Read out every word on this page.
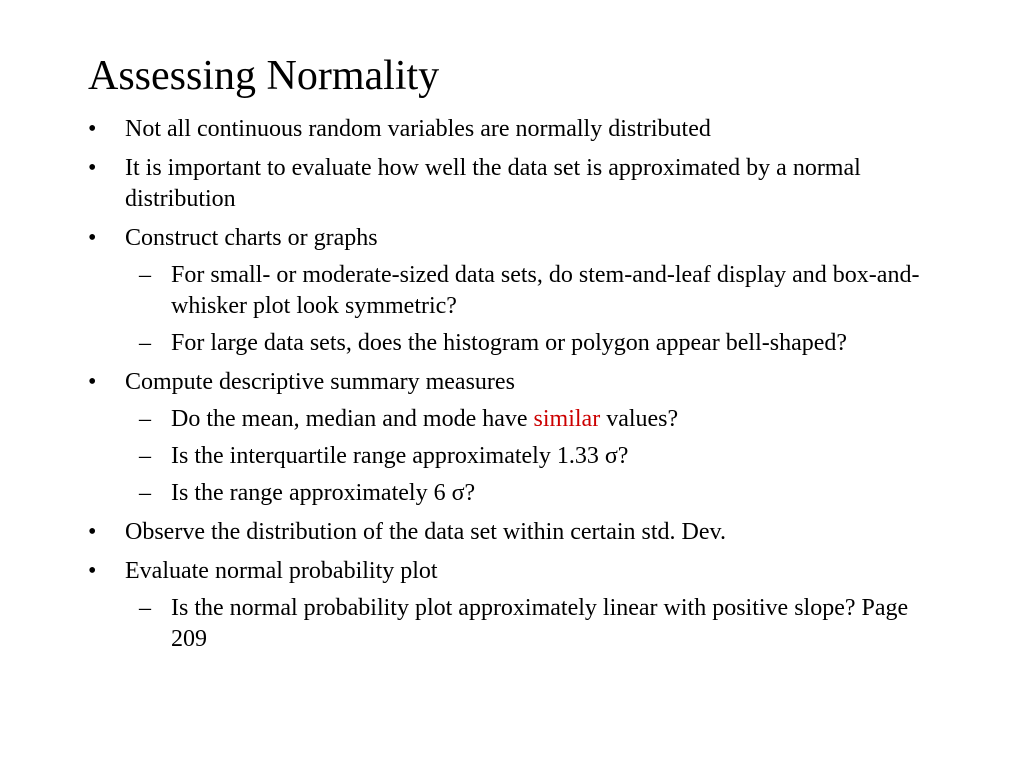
Assessing Normality
•	Not all continuous random variables are normally distributed
•	It is important to evaluate how well the data set is approximated by a normal distribution
•	Construct charts or graphs
– For small- or moderate-sized data sets, do stem-and-leaf display and box-and-whisker plot look symmetric?
– For large data sets, does the histogram or polygon appear bell-shaped?
•	Compute descriptive summary measures
– Do the mean, median and mode have similar values?
– Is the interquartile range approximately 1.33 σ?
– Is the range approximately 6 σ?
•	Observe the distribution of the data set within certain std. Dev.
•	Evaluate normal probability plot
– Is the normal probability plot approximately linear with positive slope? Page 209
